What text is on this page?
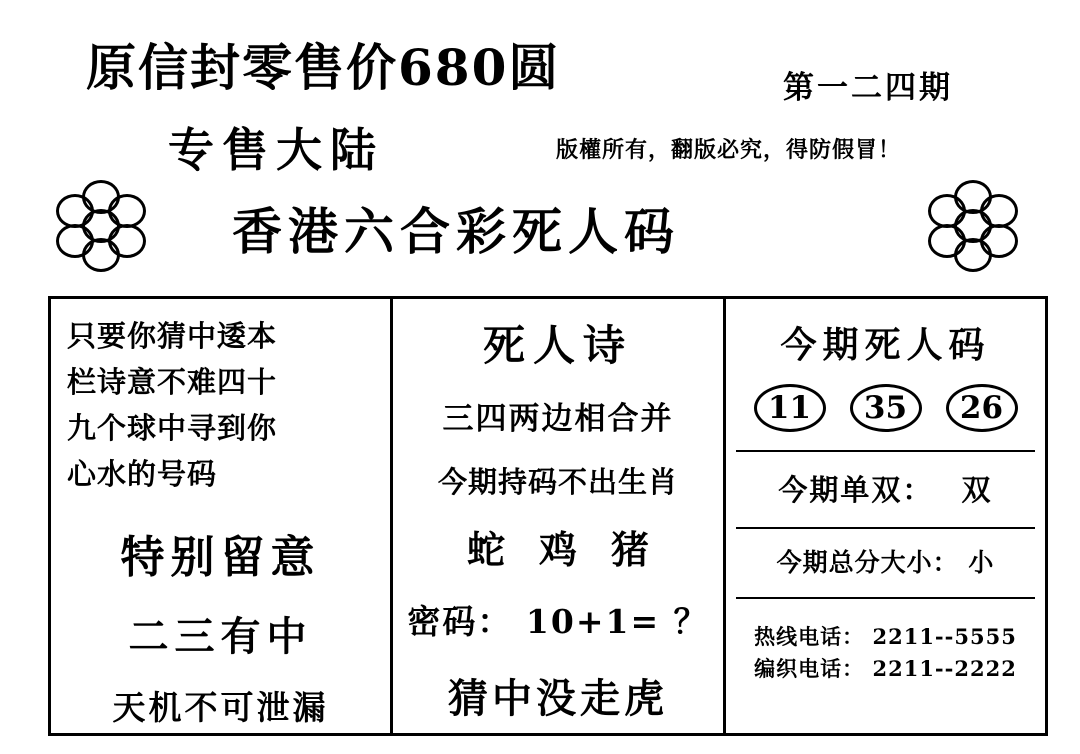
原信封零售价680圆	第一二四期
专售大陆	版權所有，翻版必究，得防假冒！
香港六合彩死人码
只要你猜中逶本
栏诗意不难四十
九个球中寻到你
心水的号码
特别留意
二三有中
天机不可泄漏
死人诗
三四两边相合并
今期持码不出生肖
蛇 鸡 猪
密码： 10+1= ？
猜中没走虎
今期死人码
11	35	26
今期单双： 双
今期总分大小： 小
热线电话： 2211--5555
编织电话： 2211--2222
